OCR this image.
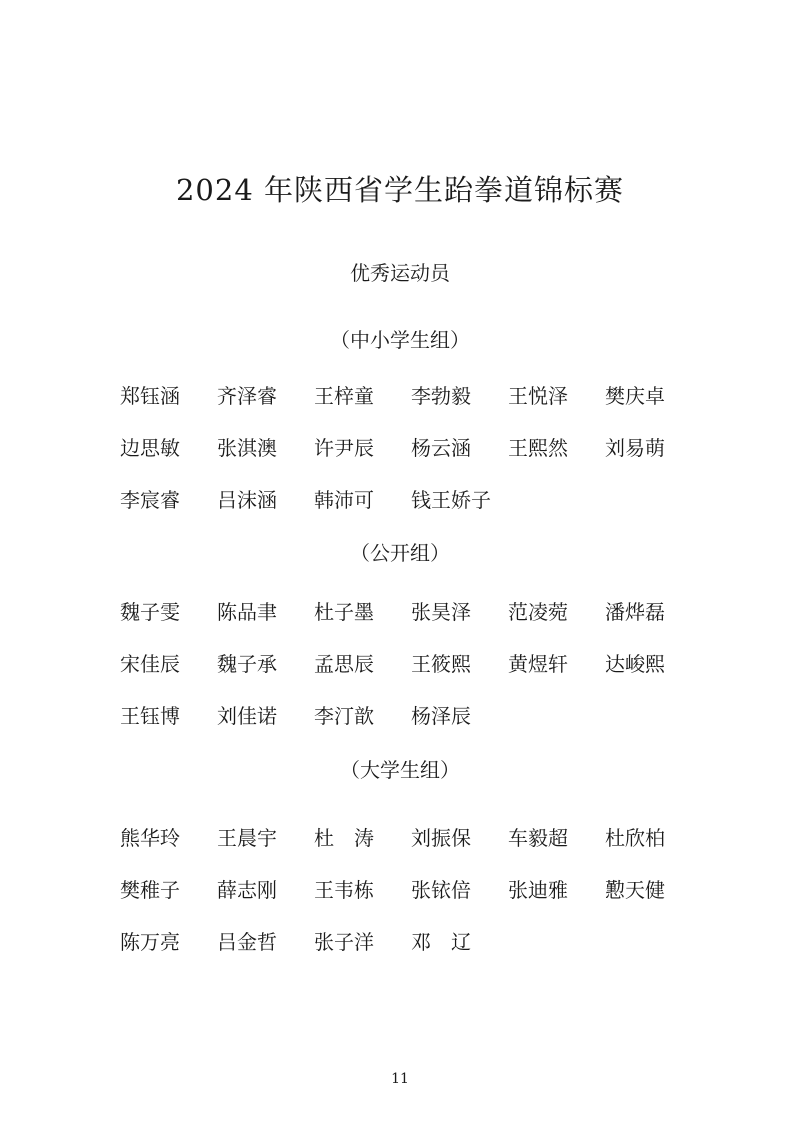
2024 年陕西省学生跆拳道锦标赛
优秀运动员
（中小学生组）
郑钰涵	齐泽睿	王梓童	李勃毅	王悦泽	樊庆卓
边思敏	张淇澳	许尹辰	杨云涵	王熙然	刘易萌
李宸睿	吕沫涵	韩沛可	钱王娇子
（公开组）
魏子雯	陈品聿	杜子墨	张昊泽	范凌菀	潘烨磊
宋佳辰	魏子承	孟思辰	王筱熙	黄煜轩	达峻熙
王钰博	刘佳诺	李汀歆	杨泽辰
（大学生组）
熊华玲	王晨宇	杜　涛	刘振保	车毅超	杜欣柏
樊稚子	薛志刚	王韦栋	张铱倍	张迪雅	懃天健
陈万亮	吕金哲	张子洋	邓　辽
11
